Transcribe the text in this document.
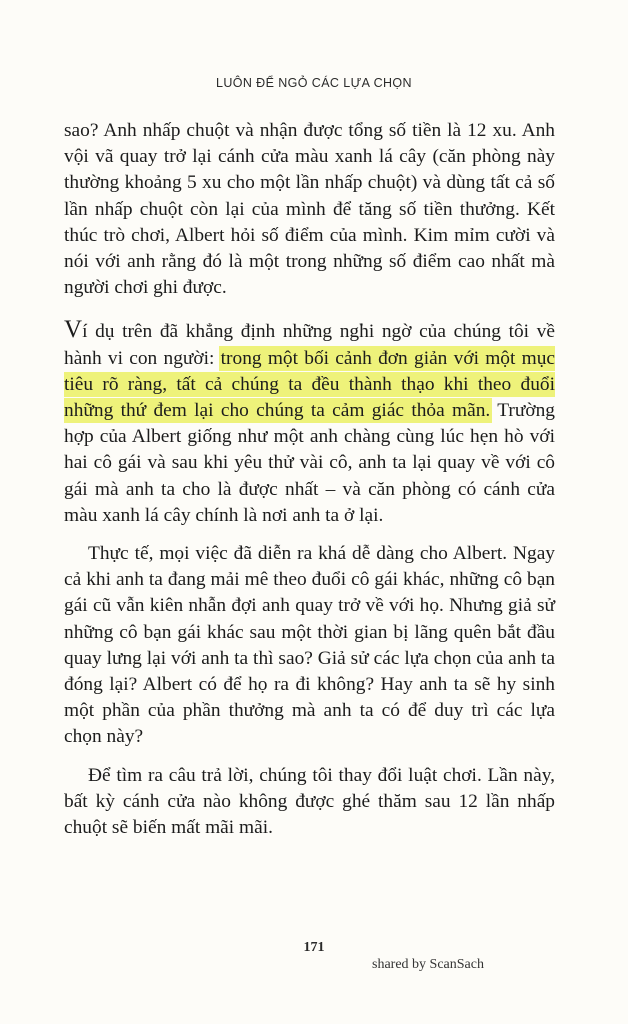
LUÔN ĐỂ NGỎ CÁC LỰA CHỌN

sao? Anh nhấp chuột và nhận được tổng số tiền là 12 xu. Anh vội vã quay trở lại cánh cửa màu xanh lá cây (căn phòng này thường khoảng 5 xu cho một lần nhấp chuột) và dùng tất cả số lần nhấp chuột còn lại của mình để tăng số tiền thưởng. Kết thúc trò chơi, Albert hỏi số điểm của mình. Kim mỉm cười và nói với anh rằng đó là một trong những số điểm cao nhất mà người chơi ghi được.

Ví dụ trên đã khẳng định những nghi ngờ của chúng tôi về hành vi con người: trong một bối cảnh đơn giản với một mục tiêu rõ ràng, tất cả chúng ta đều thành thạo khi theo đuổi những thứ đem lại cho chúng ta cảm giác thỏa mãn. Trường hợp của Albert giống như một anh chàng cùng lúc hẹn hò với hai cô gái và sau khi yêu thử vài cô, anh ta lại quay về với cô gái mà anh ta cho là được nhất – và căn phòng có cánh cửa màu xanh lá cây chính là nơi anh ta ở lại.

Thực tế, mọi việc đã diễn ra khá dễ dàng cho Albert. Ngay cả khi anh ta đang mải mê theo đuổi cô gái khác, những cô bạn gái cũ vẫn kiên nhẫn đợi anh quay trở về với họ. Nhưng giả sử những cô bạn gái khác sau một thời gian bị lãng quên bắt đầu quay lưng lại với anh ta thì sao? Giả sử các lựa chọn của anh ta đóng lại? Albert có để họ ra đi không? Hay anh ta sẽ hy sinh một phần của phần thưởng mà anh ta có để duy trì các lựa chọn này?

Để tìm ra câu trả lời, chúng tôi thay đổi luật chơi. Lần này, bất kỳ cánh cửa nào không được ghé thăm sau 12 lần nhấp chuột sẽ biến mất mãi mãi.

171
shared by ScanSach
